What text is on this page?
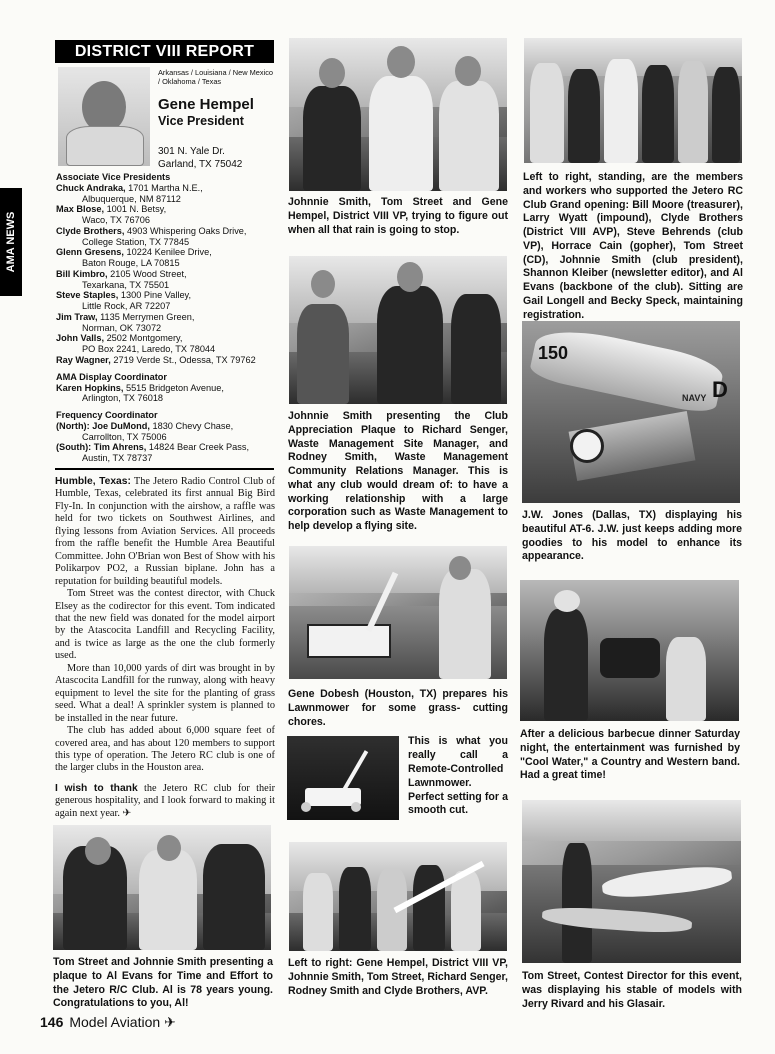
AMA NEWS
DISTRICT VIII REPORT
Arkansas / Louisiana / New Mexico / Oklahoma / Texas
Gene Hempel
Vice President
301 N. Yale Dr.
Garland, TX 75042
Associate Vice Presidents
Chuck Andraka, 1701 Martha N.E.,
Albuquerque, NM 87112
Max Blose, 1001 N. Betsy,
Waco, TX 76706
Clyde Brothers, 4903 Whispering Oaks Drive,
College Station, TX 77845
Glenn Gresens, 10224 Kenilee Drive,
Baton Rouge, LA 70815
Bill Kimbro, 2105 Wood Street,
Texarkana, TX 75501
Steve Staples, 1300 Pine Valley,
Little Rock, AR 72207
Jim Traw, 1135 Merrymen Green,
Norman, OK 73072
John Valls, 2502 Montgomery,
PO Box 2241, Laredo, TX 78044
Ray Wagner, 2719 Verde St., Odessa, TX 79762
AMA Display Coordinator
Karen Hopkins, 5515 Bridgeton Avenue,
Arlington, TX 76018
Frequency Coordinator
(North): Joe DuMond, 1830 Chevy Chase,
Carrollton, TX 75006
(South): Tim Ahrens, 14824 Bear Creek Pass,
Austin, TX 78737

Humble, Texas: The Jetero Radio Control Club of Humble, Texas, celebrated its first annual Big Bird Fly-In. In conjunction with the airshow, a raffle was held for two tickets on Southwest Airlines, and flying lessons from Aviation Services. All proceeds from the raffle benefit the Humble Area Beautiful Committee. John O'Brian won Best of Show with his Polikarpov PO2, a Russian biplane. John has a reputation for building beautiful models.

Tom Street was the contest director, with Chuck Elsey as the codirector for this event. Tom indicated that the new field was donated for the model airport by the Atascocita Landfill and Recycling Facility, and is twice as large as the one the club formerly used.

More than 10,000 yards of dirt was brought in by Atascocita Landfill for the runway, along with heavy equipment to level the site for the planting of grass seed. What a deal! A sprinkler system is planned to be installed in the near future.

The club has added about 6,000 square feet of covered area, and has about 120 members to support this type of operation. The Jetero RC club is one of the larger clubs in the Houston area.

I wish to thank the Jetero RC club for their generous hospitality, and I look forward to making it again next year. ✈

Johnnie Smith, Tom Street and Gene Hempel, District VIII VP, trying to figure out when all that rain is going to stop.
Johnnie Smith presenting the Club Appreciation Plaque to Richard Senger, Waste Management Site Manager, and Rodney Smith, Waste Management Community Relations Manager. This is what any club would dream of: to have a working relationship with a large corporation such as Waste Management to help develop a flying site.
Gene Dobesh (Houston, TX) prepares his Lawnmower for some grass- cutting chores.
This is what you really call a Remote-Controlled Lawnmower. Perfect setting for a smooth cut.
Left to right: Gene Hempel, District VIII VP, Johnnie Smith, Tom Street, Richard Senger, Rodney Smith and Clyde Brothers, AVP.
Tom Street and Johnnie Smith presenting a plaque to Al Evans for Time and Effort to the Jetero R/C Club. Al is 78 years young. Congratulations to you, Al!
Left to right, standing, are the members and workers who supported the Jetero RC Club Grand opening: Bill Moore (treasurer), Larry Wyatt (impound), Clyde Brothers (District VIII AVP), Steve Behrends (club VP), Horrace Cain (gopher), Tom Street (CD), Johnnie Smith (club president), Shannon Kleiber (newsletter editor), and Al Evans (backbone of the club). Sitting are Gail Longell and Becky Speck, maintaining registration.
150
NAVY D
J.W. Jones (Dallas, TX) displaying his beautiful AT-6. J.W. just keeps adding more goodies to his model to enhance its appearance.
After a delicious barbecue dinner Saturday night, the entertainment was furnished by "Cool Water," a Country and Western band. Had a great time!
Tom Street, Contest Director for this event, was displaying his stable of models with Jerry Rivard and his Glasair.
146 Model Aviation ✈
